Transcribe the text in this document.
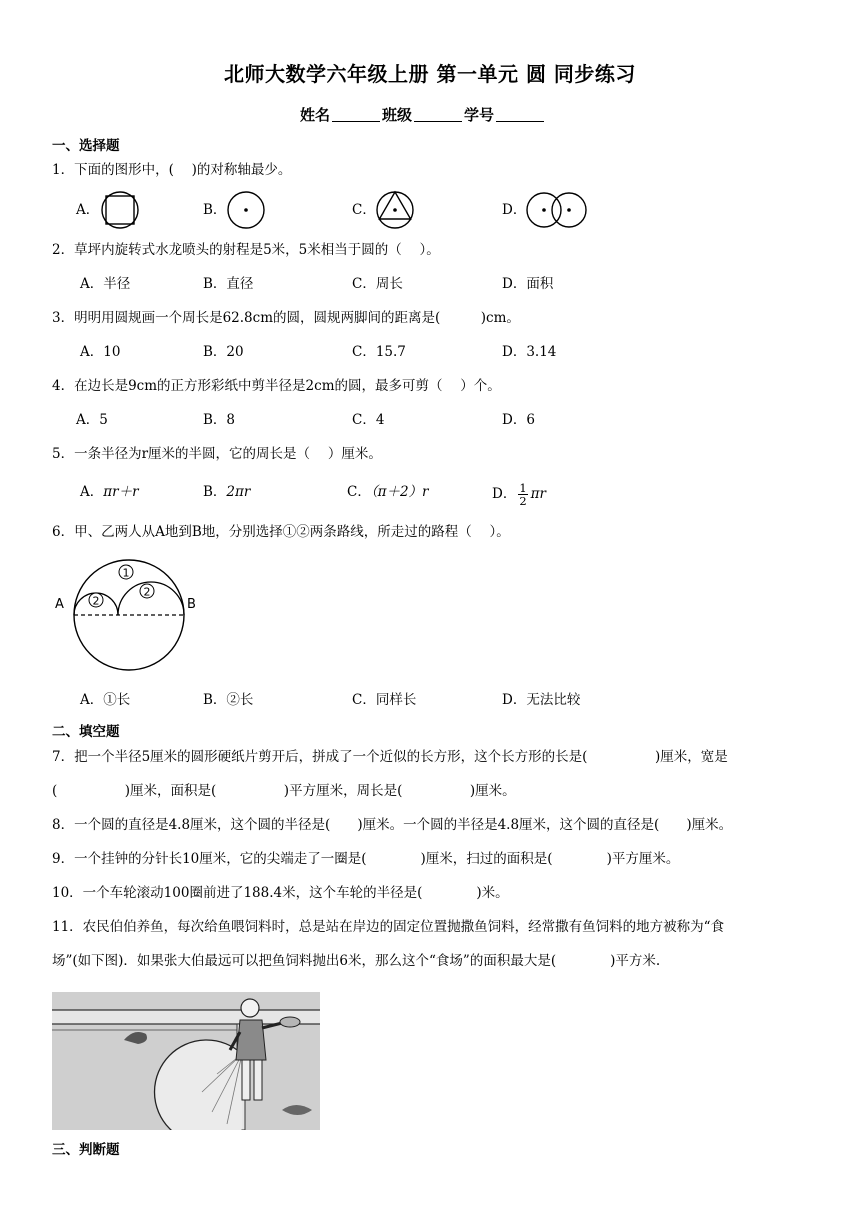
北师大数学六年级上册 第一单元 圆 同步练习
姓名	班级	学号
一、选择题
1．下面的图形中，(　 )的对称轴最少。
A．	B．	C．	D．
2．草坪内旋转式水龙喷头的射程是5米，5米相当于圆的（　 ）。
A．半径	B．直径	C．周长	D．面积
3．明明用圆规画一个周长是62.8cm的圆，圆规两脚间的距离是(　　　)cm。
A．10	B．20	C．15.7	D．3.14
4．在边长是9cm的正方形彩纸中剪半径是2cm的圆，最多可剪（　 ）个。
A．5	B．8	C．4	D．6
5．一条半径为r厘米的半圆，它的周长是（　 ）厘米。
A．πr＋r	B．2πr	C．（π＋2）r	D． $\frac{1}{2}$ πr
6．甲、乙两人从A地到B地，分别选择①②两条路线，所走过的路程（　 ）。
1
2
2
A	B
A．①长	B．②长	C．同样长	D．无法比较
二、填空题
7．把一个半径5厘米的圆形硬纸片剪开后，拼成了一个近似的长方形，这个长方形的长是(　　　　　)厘米，宽是
(　　　　　)厘米，面积是(　　　　　)平方厘米，周长是(　　　　　)厘米。
8．一个圆的直径是4.8厘米，这个圆的半径是(　　)厘米。一个圆的半径是4.8厘米，这个圆的直径是(　　)厘米。
9．一个挂钟的分针长10厘米，它的尖端走了一圈是(　　　　)厘米，扫过的面积是(　　　　)平方厘米。
10．一个车轮滚动100圈前进了188.4米，这个车轮的半径是(　　　　)米。
11．农民伯伯养鱼，每次给鱼喂饲料时，总是站在岸边的固定位置抛撒鱼饲料，经常撒有鱼饲料的地方被称为“食
场”(如下图)．如果张大伯最远可以把鱼饲料抛出6米，那么这个“食场”的面积最大是(　　　　)平方米.
三、判断题
